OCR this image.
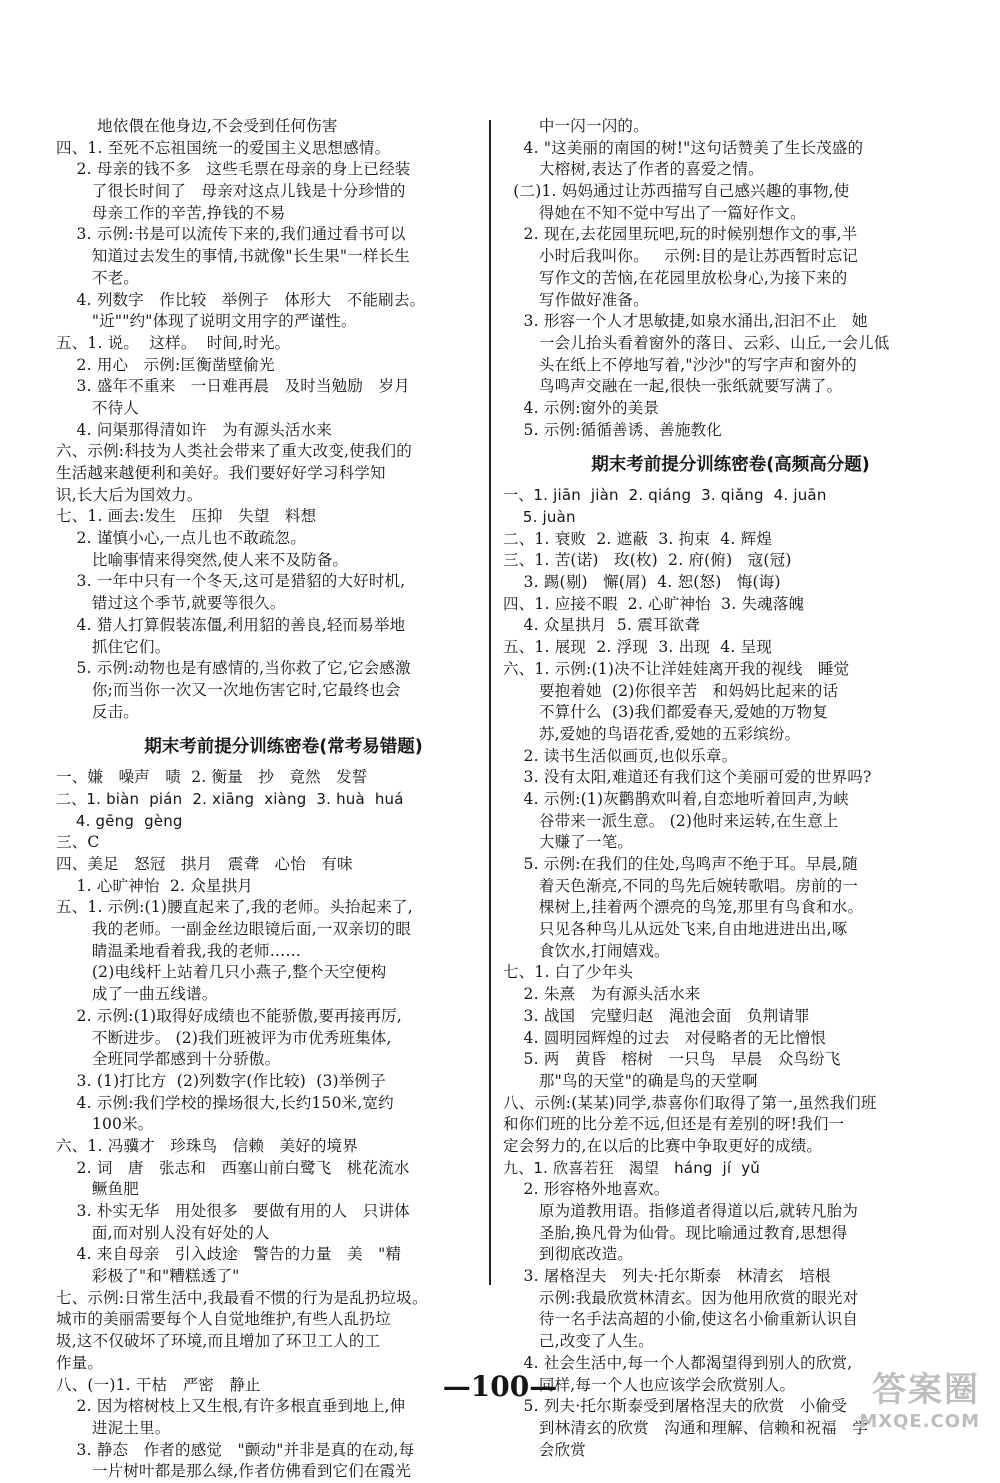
地依偎在他身边,不会受到任何伤害
四、1. 至死不忘祖国统一的爱国主义思想感情。
2. 母亲的钱不多   这些毛票在母亲的身上已经装
了很长时间了   母亲对这点儿钱是十分珍惜的
母亲工作的辛苦,挣钱的不易
3. 示例:书是可以流传下来的,我们通过看书可以
知道过去发生的事情,书就像"长生果"一样长生
不老。
4. 列数字   作比较   举例子   体形大   不能刷去。
"近""约"体现了说明文用字的严谨性。
五、1. 说。  这样。  时间,时光。
2. 用心   示例:匡衡凿壁偷光
3. 盛年不重来   一日难再晨   及时当勉励   岁月
不待人
4. 问渠那得清如许   为有源头活水来
六、示例:科技为人类社会带来了重大改变,使我们的
生活越来越便利和美好。我们要好好学习科学知
识,长大后为国效力。
七、1. 画去:发生   压抑   失望   料想
2. 谨慎小心,一点儿也不敢疏忽。
比喻事情来得突然,使人来不及防备。
3. 一年中只有一个冬天,这可是猎貂的大好时机,
错过这个季节,就要等很久。
4. 猎人打算假装冻僵,利用貂的善良,轻而易举地
抓住它们。
5. 示例:动物也是有感情的,当你救了它,它会感激
你;而当你一次又一次地伤害它时,它最终也会
反击。
期末考前提分训练密卷(常考易错题)
一、嫌   噪声   啧  2. 衡量   抄   竟然   发誓
二、1. biàn  pián  2. xiāng  xiàng  3. huà  huá
4. gēng  gèng
三、C
四、美足   怒冠   拱月   震聋   心怡   有味
1. 心旷神怡  2. 众星拱月
五、1. 示例:(1)腰直起来了,我的老师。头抬起来了,
我的老师。一副金丝边眼镜后面,一双亲切的眼
睛温柔地看着我,我的老师……
(2)电线杆上站着几只小燕子,整个天空便构
成了一曲五线谱。
2. 示例:(1)取得好成绩也不能骄傲,要再接再厉,
不断进步。 (2)我们班被评为市优秀班集体,
全班同学都感到十分骄傲。
3. (1)打比方  (2)列数字(作比较)  (3)举例子
4. 示例:我们学校的操场很大,长约150米,宽约
100米。
六、1. 冯骥才   珍珠鸟   信赖   美好的境界
2. 词   唐   张志和   西塞山前白鹭飞   桃花流水
鳜鱼肥
3. 朴实无华   用处很多   要做有用的人   只讲体
面,而对别人没有好处的人
4. 来自母亲   引入歧途   警告的力量   美   "精
彩极了"和"糟糕透了"
七、示例:日常生活中,我最看不惯的行为是乱扔垃圾。
城市的美丽需要每个人自觉地维护,有些人乱扔垃
圾,这不仅破坏了环境,而且增加了环卫工人的工
作量。
八、(一)1. 干枯   严密   静止
2. 因为榕树枝上又生根,有许多根直垂到地上,伸
进泥土里。
3. 静态   作者的感觉   "颤动"并非是真的在动,每
一片树叶都是那么绿,作者仿佛看到它们在霞光
中一闪一闪的。
4. "这美丽的南国的树!"这句话赞美了生长茂盛的
大榕树,表达了作者的喜爱之情。
(二)1. 妈妈通过让苏西描写自己感兴趣的事物,使
得她在不知不觉中写出了一篇好作文。
2. 现在,去花园里玩吧,玩的时候别想作文的事,半
小时后我叫你。   示例:目的是让苏西暂时忘记
写作文的苦恼,在花园里放松身心,为接下来的
写作做好准备。
3. 形容一个人才思敏捷,如泉水涌出,汩汩不止   她
一会儿抬头看着窗外的落日、云彩、山丘,一会儿低
头在纸上不停地写着,"沙沙"的写字声和窗外的
鸟鸣声交融在一起,很快一张纸就要写满了。
4. 示例:窗外的美景
5. 示例:循循善诱、善施教化
期末考前提分训练密卷(高频高分题)
一、1. jiān  jiàn  2. qiáng  3. qiǎng  4. juān
5. juàn
二、1. 衰败  2. 遮蔽  3. 拘束  4. 辉煌
三、1. 苦(诺)   玫(枚)  2. 府(俯)   寇(冠)
3. 踢(剔)   懈(屑)  4. 恕(怒)   悔(诲)
四、1. 应接不暇  2. 心旷神怡  3. 失魂落魄
4. 众星拱月  5. 震耳欲聋
五、1. 展现  2. 浮现  3. 出现  4. 呈现
六、1. 示例:(1)决不让洋娃娃离开我的视线   睡觉
要抱着她  (2)你很辛苦   和妈妈比起来的话
不算什么  (3)我们都爱春天,爱她的万物复
苏,爱她的鸟语花香,爱她的五彩缤纷。
2. 读书生活似画页,也似乐章。
3. 没有太阳,难道还有我们这个美丽可爱的世界吗?
4. 示例:(1)灰鹳鹊欢叫着,自恋地听着回声,为峡
谷带来一派生意。 (2)他时来运转,在生意上
大赚了一笔。
5. 示例:在我们的住处,鸟鸣声不绝于耳。早晨,随
着天色渐亮,不同的鸟先后婉转歌唱。房前的一
棵树上,挂着两个漂亮的鸟笼,那里有鸟食和水。
只见各种鸟儿从远处飞来,自由地进进出出,啄
食饮水,打闹嬉戏。
七、1. 白了少年头
2. 朱熹   为有源头活水来
3. 战国   完璧归赵   渑池会面   负荆请罪
4. 圆明园辉煌的过去   对侵略者的无比憎恨
5. 两   黄昏   榕树   一只鸟   早晨   众鸟纷飞
那"鸟的天堂"的确是鸟的天堂啊
八、示例:(某某)同学,恭喜你们取得了第一,虽然我们班
和你们班的比分差不远,但还是有差别的呀!我们一
定会努力的,在以后的比赛中争取更好的成绩。
九、1. 欣喜若狂   渴望   hánɡ  jí  yǔ
2. 形容格外地喜欢。
原为道教用语。指修道者得道以后,就转凡胎为
圣胎,换凡骨为仙骨。现比喻通过教育,思想得
到彻底改造。
3. 屠格涅夫   列夫·托尔斯泰   林清玄   培根
示例:我最欣赏林清玄。因为他用欣赏的眼光对
待一名手法高超的小偷,使这名小偷重新认识自
己,改变了人生。
4. 社会生活中,每一个人都渴望得到别人的欣赏,
同样,每一个人也应该学会欣赏别人。
5. 列夫·托尔斯泰受到屠格涅夫的欣赏   小偷受
到林清玄的欣赏   沟通和理解、信赖和祝福   学
会欣赏
—100—	答案圈
MXQE.COM
